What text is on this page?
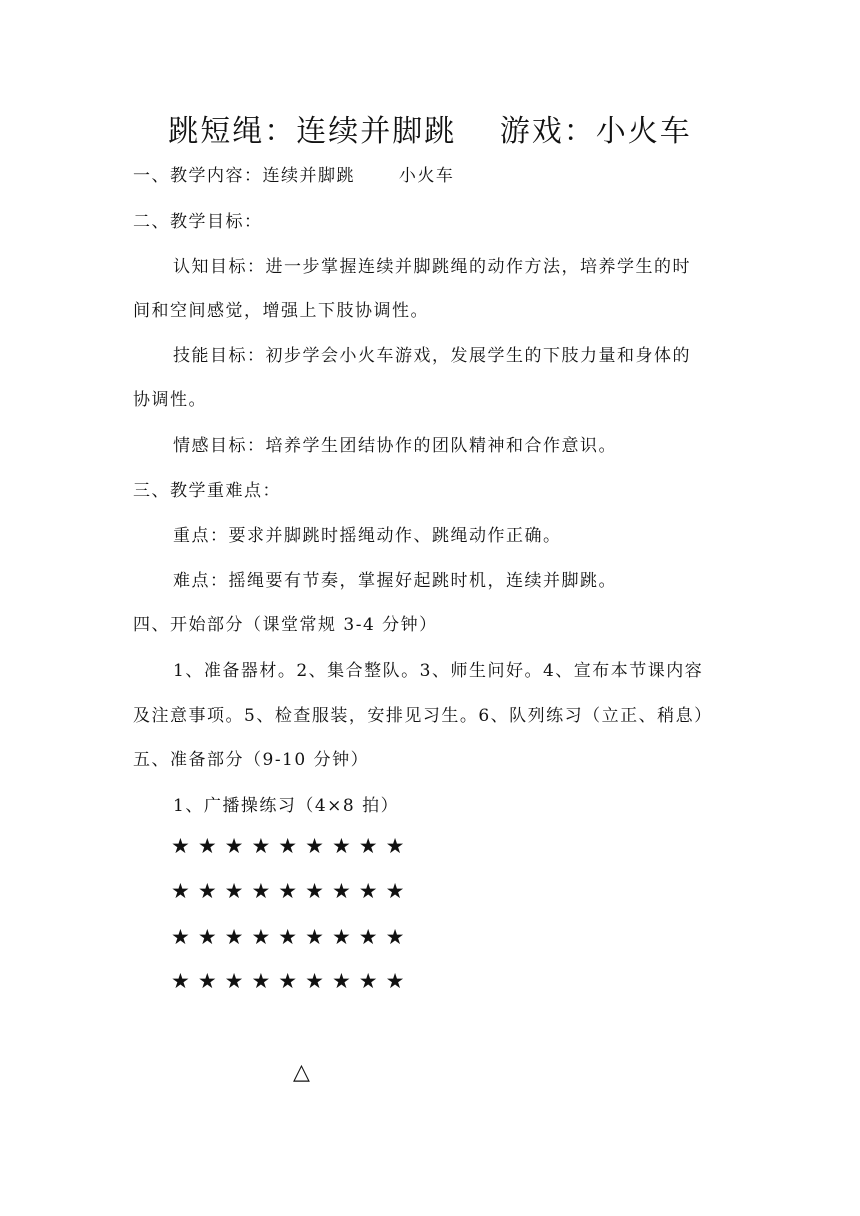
跳短绳：连续并脚跳　 游戏：小火车
一、教学内容：连续并脚跳　　 小火车
二、教学目标：
认知目标：进一步掌握连续并脚跳绳的动作方法，培养学生的时
间和空间感觉，增强上下肢协调性。
技能目标：初步学会小火车游戏，发展学生的下肢力量和身体的
协调性。
情感目标：培养学生团结协作的团队精神和合作意识。
三、教学重难点：
重点：要求并脚跳时摇绳动作、跳绳动作正确。
难点：摇绳要有节奏，掌握好起跳时机，连续并脚跳。
四、开始部分（课堂常规 3-4 分钟）
1、准备器材。2、集合整队。3、师生问好。4、宣布本节课内容
及注意事项。5、检查服装，安排见习生。6、队列练习（立正、稍息）
五、准备部分（9-10 分钟）
1、广播操练习（4×8 拍）
★★★★★★★★★
★★★★★★★★★
★★★★★★★★★
★★★★★★★★★
△
